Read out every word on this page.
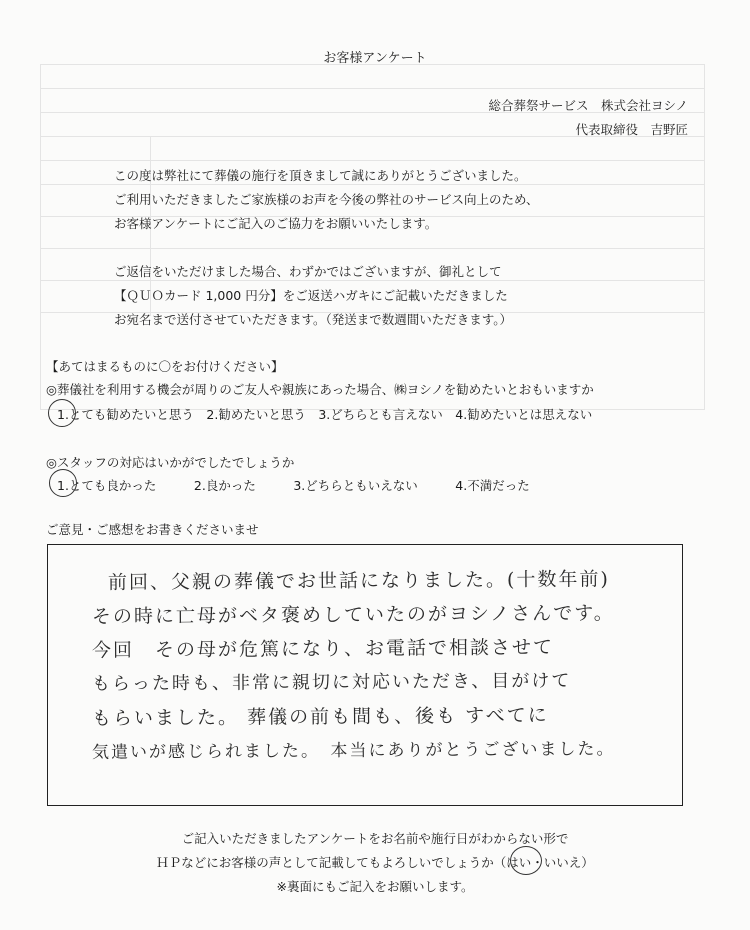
お客様アンケート
総合葬祭サービス　株式会社ヨシノ
代表取締役　吉野匠
この度は弊社にて葬儀の施行を頂きまして誠にありがとうございました。
ご利用いただきましたご家族様のお声を今後の弊社のサービス向上のため、
お客様アンケートにご記入のご協力をお願いいたします。
ご返信をいただけました場合、わずかではございますが、御礼として
【ＱＵＯカード 1,000 円分】をご返送ハガキにご記載いただきました
お宛名まで送付させていただきます。（発送まで数週間いただきます。）
【あてはまるものに〇をお付けください】
◎葬儀社を利用する機会が周りのご友人や親族にあった場合、㈱ヨシノを勧めたいとおもいますか
1.とても勧めたいと思う　2.勧めたいと思う　3.どちらとも言えない　4.勧めたいとは思えない
◎スタッフの対応はいかがでしたでしょうか
1.とても良かった　　　2.良かった　　　3.どちらともいえない　　　4.不満だった
ご意見・ご感想をお書きくださいませ
前回、父親の葬儀でお世話になりました。(十数年前)
その時に亡母がベタ褒めしていたのがヨシノさんです。
今回　その母が危篤になり、お電話で相談させて
もらった時も、非常に親切に対応いただき、目がけて
もらいました。 葬儀の前も間も、後も すべてに
気遣いが感じられました。　本当にありがとうございました。
ご記入いただきましたアンケートをお名前や施行日がわからない形で
ＨＰなどにお客様の声として記載してもよろしいでしょうか（はい・いいえ）
※裏面にもご記入をお願いします。
